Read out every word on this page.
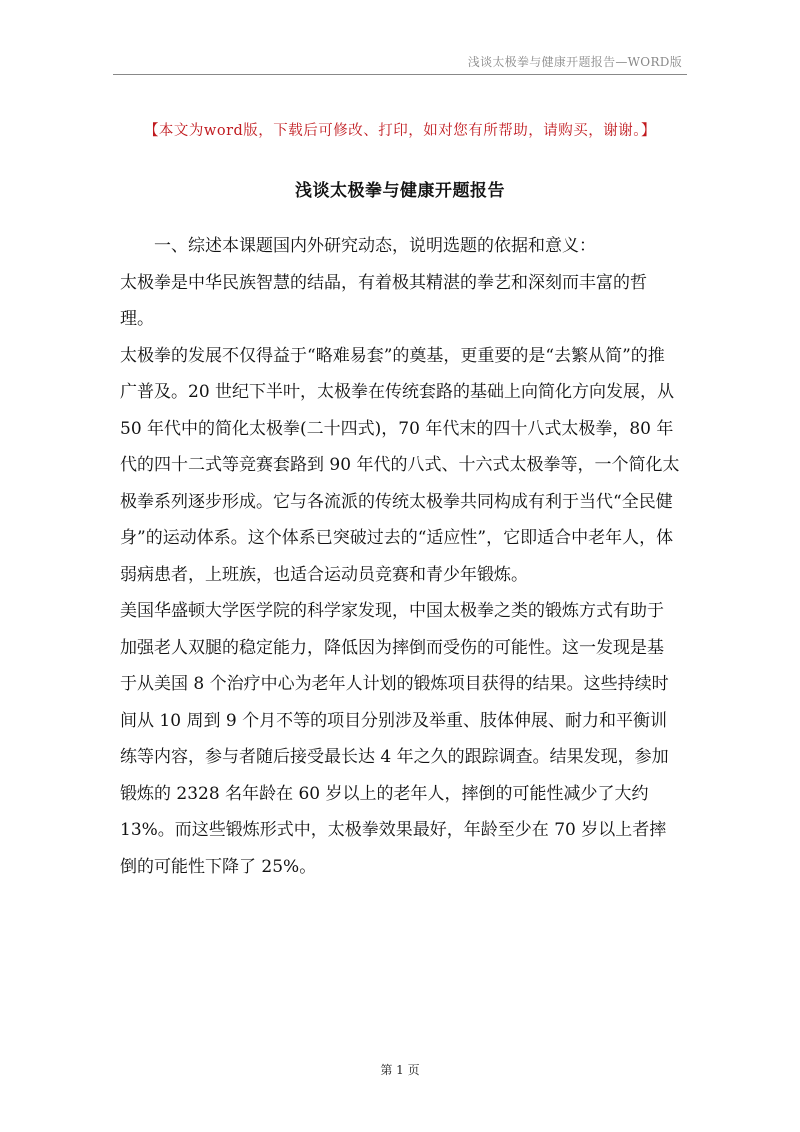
浅谈太极拳与健康开题报告—WORD版
【本文为word版，下载后可修改、打印，如对您有所帮助，请购买，谢谢。】
浅谈太极拳与健康开题报告

一、综述本课题国内外研究动态，说明选题的依据和意义：

太极拳是中华民族智慧的结晶，有着极其精湛的拳艺和深刻而丰富的哲理。

太极拳的发展不仅得益于“略难易套”的奠基，更重要的是“去繁从简”的推广普及。20 世纪下半叶，太极拳在传统套路的基础上向简化方向发展，从 50 年代中的简化太极拳(二十四式)，70 年代末的四十八式太极拳，80 年代的四十二式等竞赛套路到 90 年代的八式、十六式太极拳等，一个简化太极拳系列逐步形成。它与各流派的传统太极拳共同构成有利于当代“全民健身”的运动体系。这个体系已突破过去的“适应性”，它即适合中老年人，体弱病患者，上班族，也适合运动员竞赛和青少年锻炼。

美国华盛顿大学医学院的科学家发现，中国太极拳之类的锻炼方式有助于加强老人双腿的稳定能力，降低因为摔倒而受伤的可能性。这一发现是基于从美国 8 个治疗中心为老年人计划的锻炼项目获得的结果。这些持续时间从 10 周到 9 个月不等的项目分别涉及举重、肢体伸展、耐力和平衡训练等内容，参与者随后接受最长达 4 年之久的跟踪调查。结果发现，参加锻炼的 2328 名年龄在 60 岁以上的老年人，摔倒的可能性减少了大约 13%。而这些锻炼形式中，太极拳效果最好，年龄至少在 70 岁以上者摔倒的可能性下降了 25%。

第 1 页
